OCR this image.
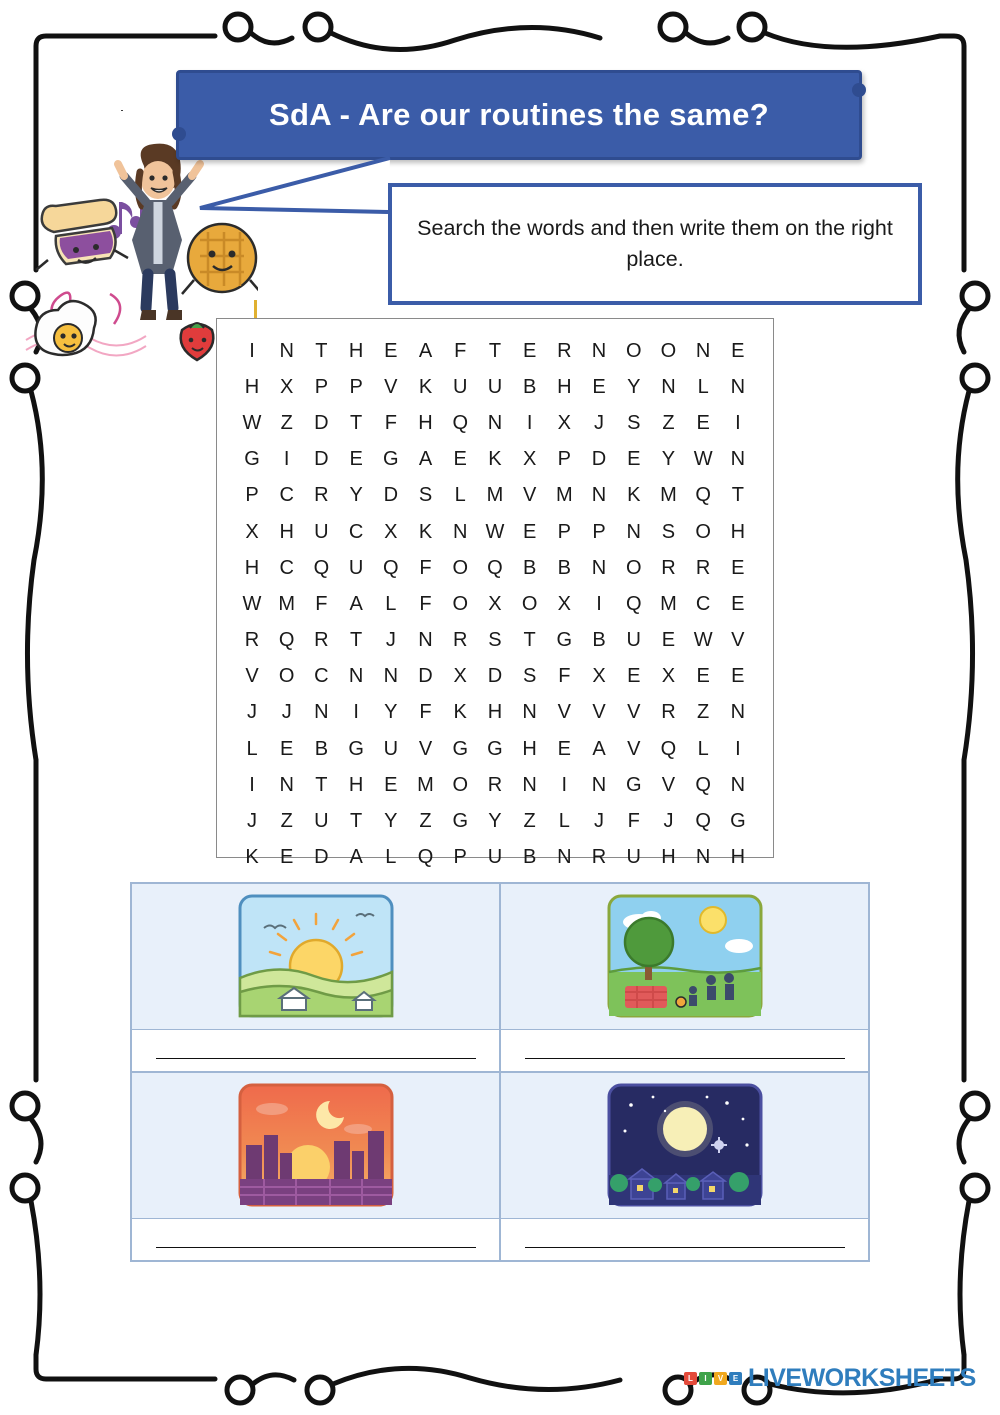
SdA - Are our routines the same?
Search the words and then write them on the right place.
I	N	T	H	E	A	F	T	E	R	N O O N	E
H	X	P	P	V	K	U	U	B	H	E	Y	N	L	N
W Z	D	T	F	H Q N	I	X	J	S	Z	E	I
G	I	D	E	G	A	E	K	X	P	D	E	Y W N
P	C	R	Y	D	S	L	M V M N	K M Q	T
X	H	U	C	X	K	N W E	P	P	N	S	O H
H	C Q U Q	F	O Q	B	B	N O R	R	E
W M	F	A	L	F	O	X	O	X	I	Q M C	E
R Q R	T	J	N	R	S	T	G	B	U	E W V
V	O C	N	N	D	X	D	S	F	X	E	X	E	E
J	J	N	I	Y	F	K	H	N	V	V	V	R	Z	N
L	E	B	G U	V	G G H	E	A	V	Q	L	I
I	N	T	H	E M O R	N	I	N G	V	Q N
J	Z	U	T	Y	Z	G	Y	Z	L	J	F	J	Q G
K	E	D	A	L	Q	P	U	B	N	R	U	H	N	H
L	I	V	E LIVEWORKSHEETS
